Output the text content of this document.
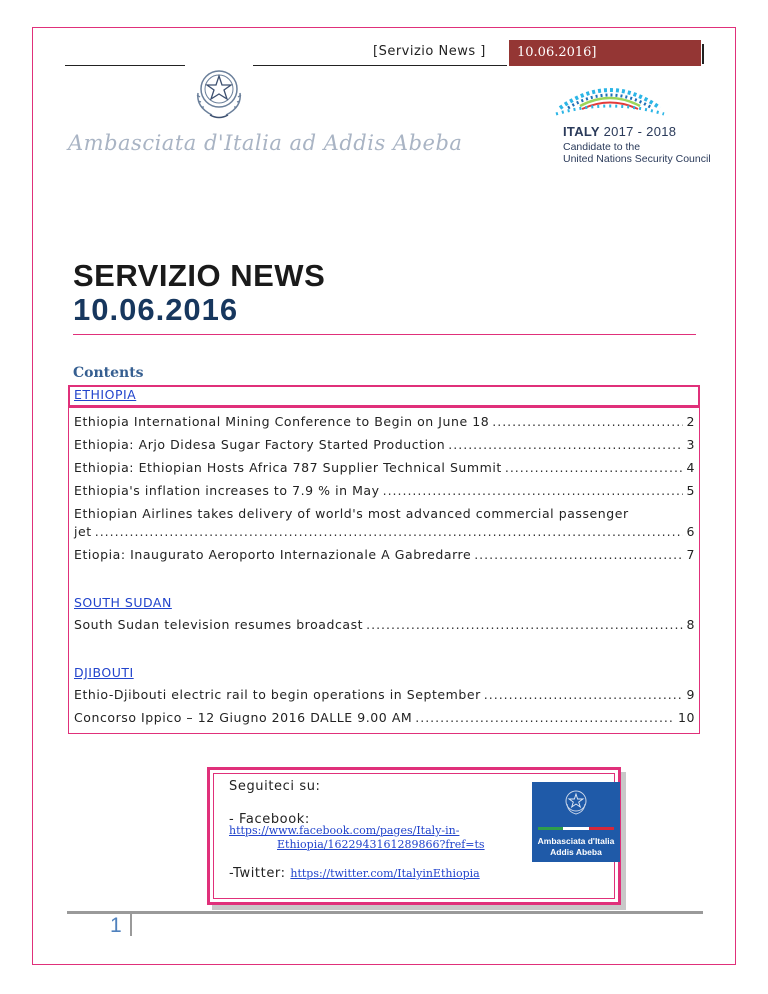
[Servizio News ]	10.06.2016]
Ambasciata d'Italia ad Addis Abeba	ITALY 2017 - 2018
Candidate to the
United Nations Security Council
SERVIZIO NEWS
10.06.2016
Contents
ETHIOPIA
Ethiopia International Mining Conference to Begin on June 18 .....	2
Ethiopia: Arjo Didesa Sugar Factory Started Production .....	3
Ethiopia: Ethiopian Hosts Africa 787 Supplier Technical Summit .....	4
Ethiopia's inflation increases to 7.9 % in May .....	5
Ethiopian Airlines takes delivery of world's most advanced commercial passenger
jet .....	6
Etiopia: Inaugurato Aeroporto Internazionale A Gabredarre .....	7
SOUTH SUDAN
South Sudan television resumes broadcast .....	8
DJIBOUTI
Ethio-Djibouti electric rail to begin operations in September .....	9
Concorso Ippico – 12 Giugno 2016 DALLE 9.00 AM .....	10
Seguiteci su:
- Facebook:
https://www.facebook.com/pages/Italy-in-
Ethiopia/1622943161289866?fref=ts
-Twitter: https://twitter.com/ItalyinEthiopia
Ambasciata d'Italia
Addis Abeba
1
